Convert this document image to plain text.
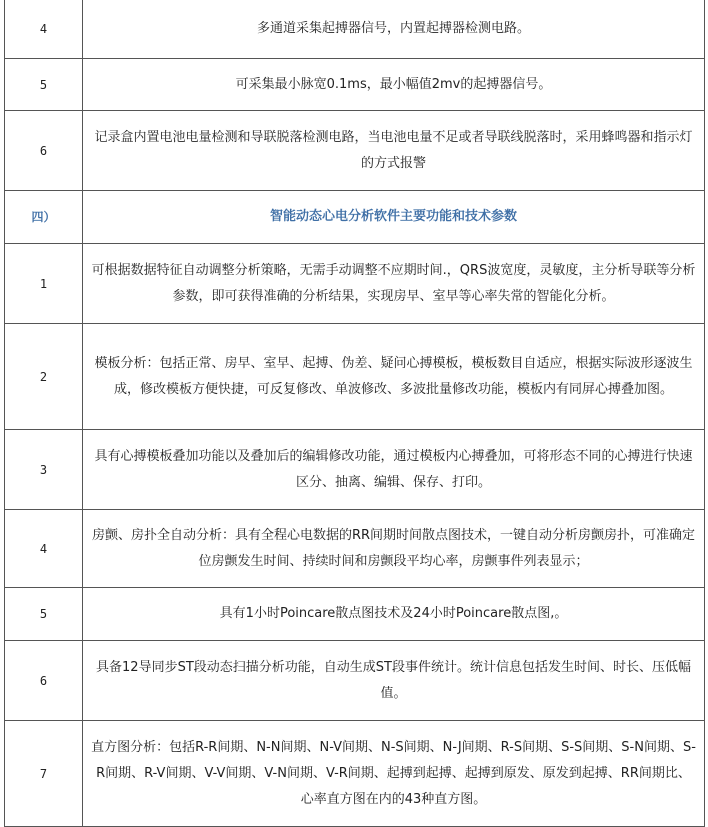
4	多通道采集起搏器信号，内置起搏器检测电路。
5	可采集最小脉宽0.1ms，最小幅值2mv的起搏器信号。
6	记录盒内置电池电量检测和导联脱落检测电路，当电池电量不足或者导联线脱落时，采用蜂鸣器和指示灯的方式报警
四）	智能动态心电分析软件主要功能和技术参数
1	可根据数据特征自动调整分析策略，无需手动调整不应期时间.，QRS波宽度，灵敏度，主分析导联等分析参数，即可获得准确的分析结果，实现房早、室早等心率失常的智能化分析。
2	模板分析：包括正常、房早、室早、起搏、伪差、疑问心搏模板，模板数目自适应，根据实际波形逐波生成，修改模板方便快捷，可反复修改、单波修改、多波批量修改功能，模板内有同屏心搏叠加图。
3	具有心搏模板叠加功能以及叠加后的编辑修改功能，通过模板内心搏叠加，可将形态不同的心搏进行快速区分、抽离、编辑、保存、打印。
4	房颤、房扑全自动分析：具有全程心电数据的RR间期时间散点图技术，一键自动分析房颤房扑，可准确定位房颤发生时间、持续时间和房颤段平均心率，房颤事件列表显示；
5	具有1小时Poincare散点图技术及24小时Poincare散点图,。
6	具备12导同步ST段动态扫描分析功能，自动生成ST段事件统计。统计信息包括发生时间、时长、压低幅值。
7	直方图分析：包括R-R间期、N-N间期、N-V间期、N-S间期、N-J间期、R-S间期、S-S间期、S-N间期、S-R间期、R-V间期、V-V间期、V-N间期、V-R间期、起搏到起搏、起搏到原发、原发到起搏、RR间期比、心率直方图在内的43种直方图。
